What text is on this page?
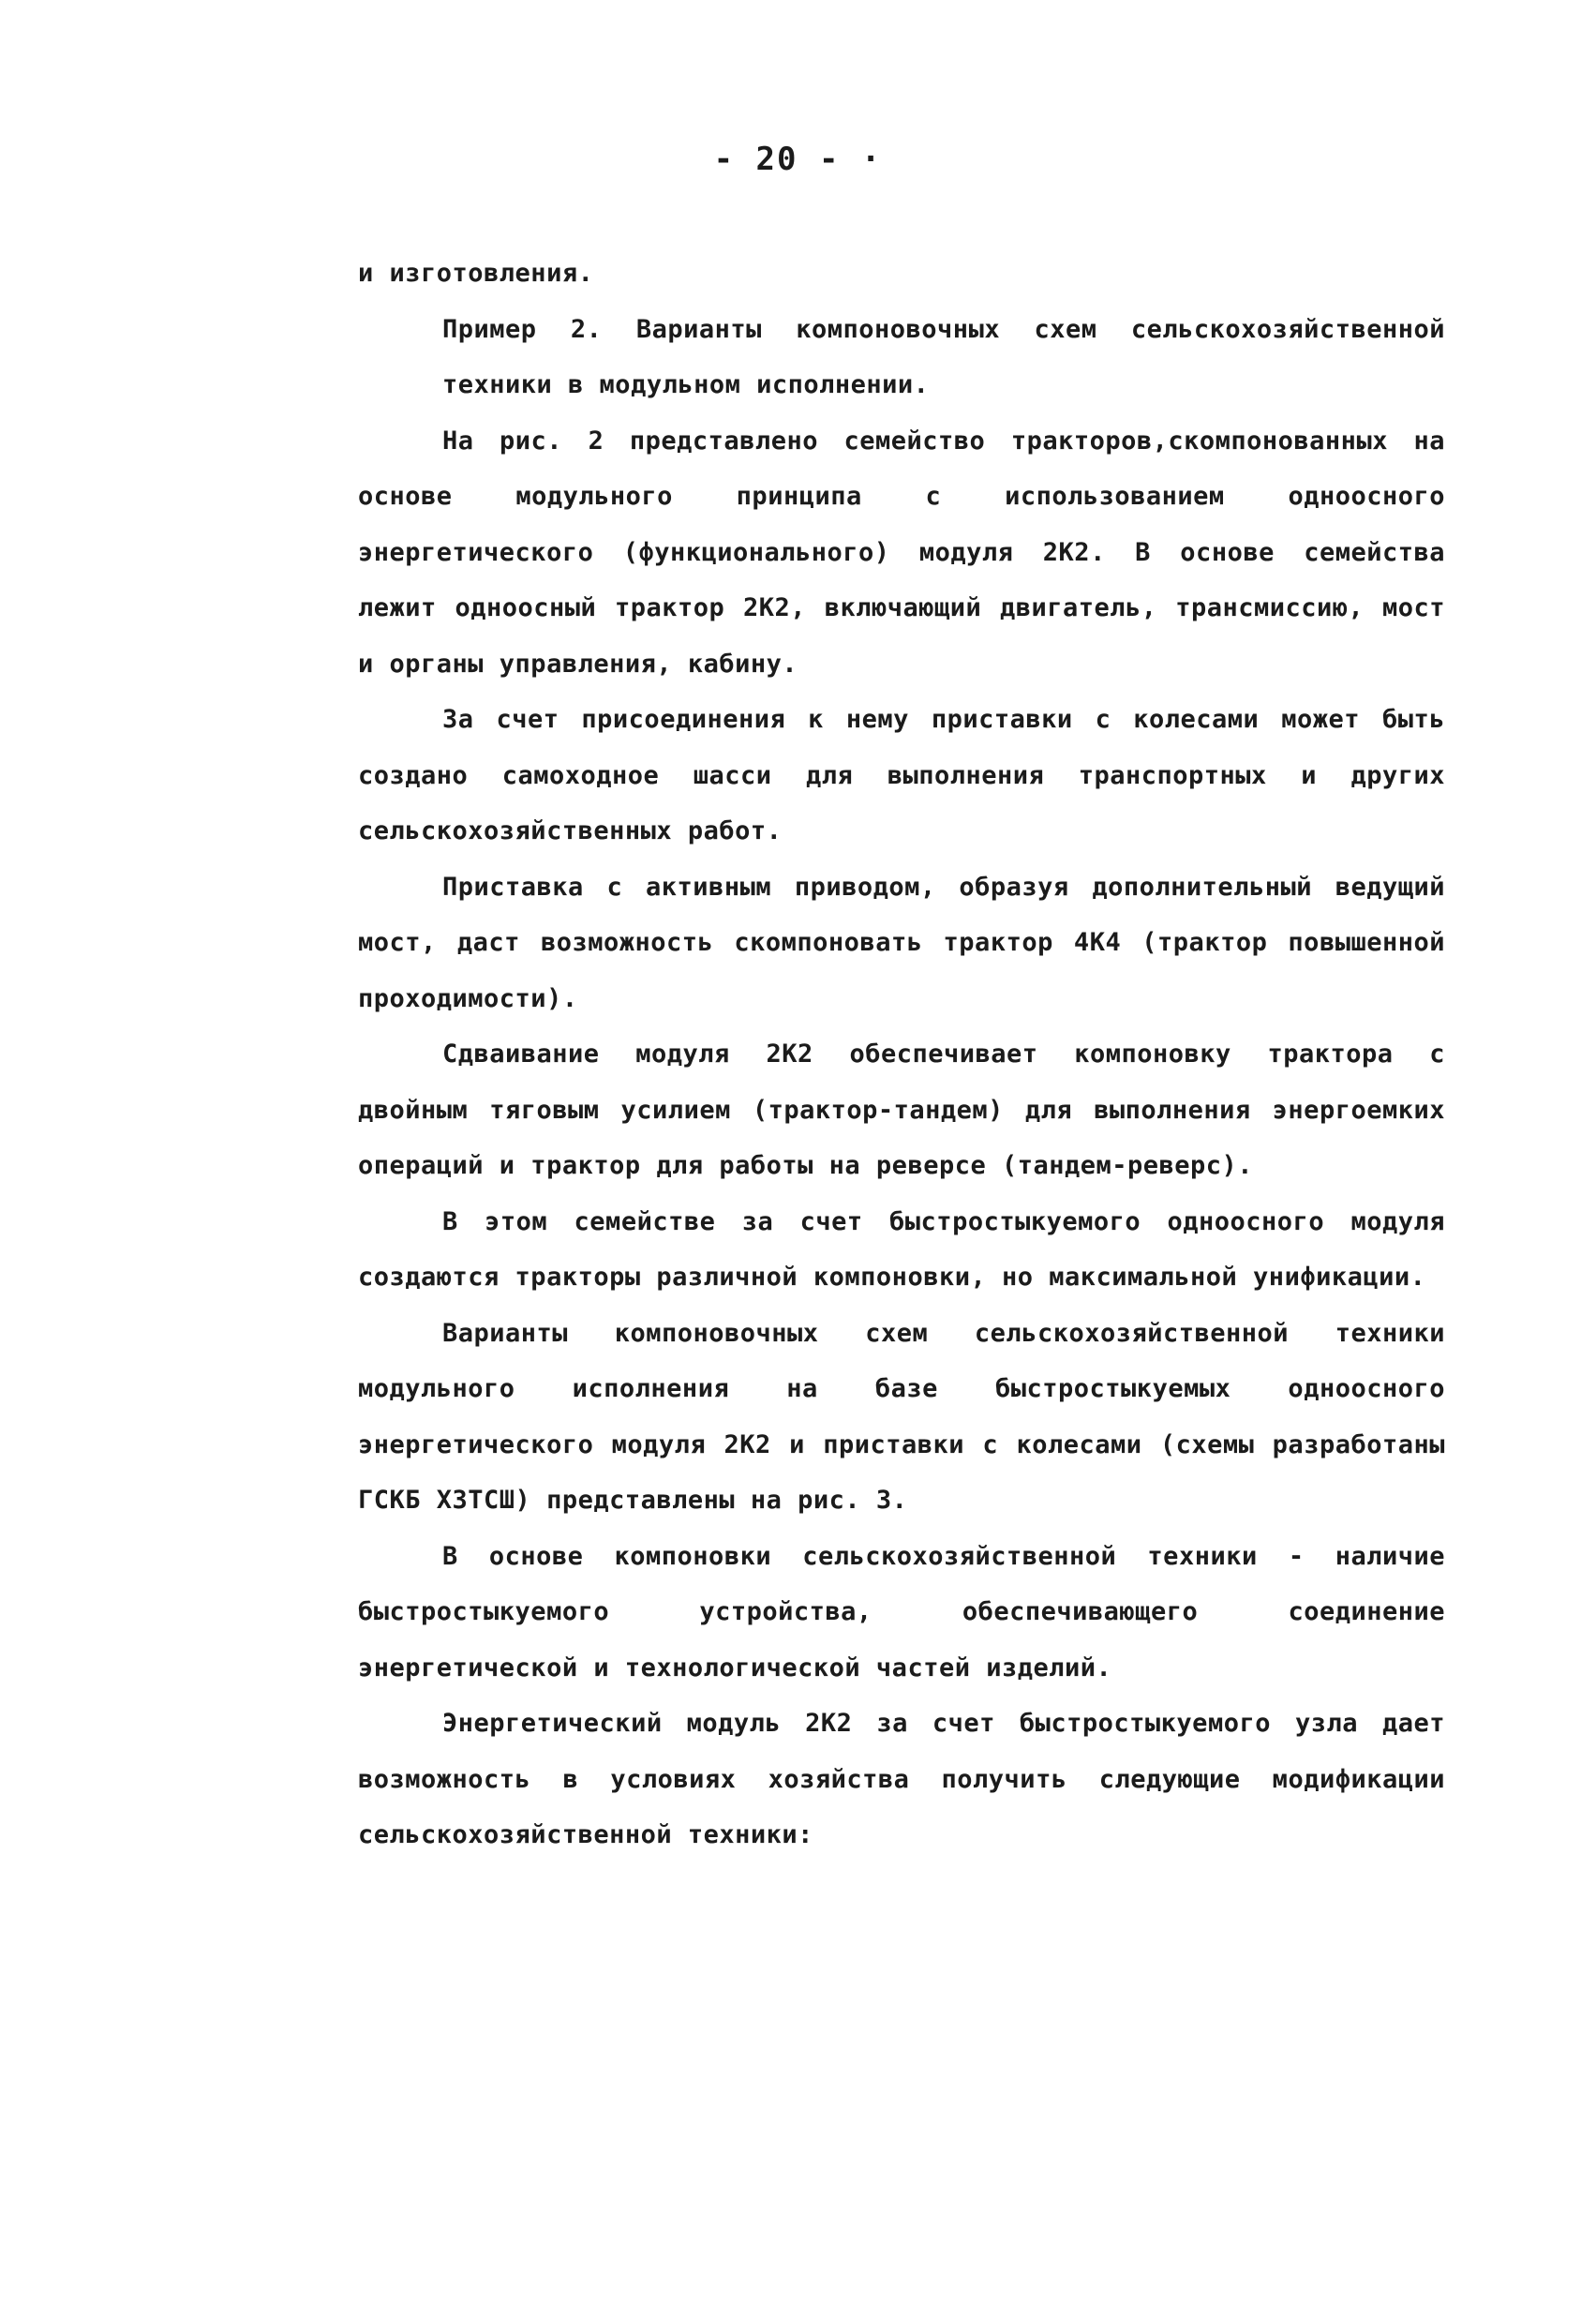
- 20 - ·

и изготовления.

Пример 2. Варианты компоновочных схем сельскохозяйственной техники в модульном исполнении.

На рис. 2 представлено семейство тракторов,скомпонованных на основе модульного принципа с использованием одноосного энергетического (функционального) модуля 2К2. В основе семейства лежит одноосный трактор 2К2, включающий двигатель, трансмиссию, мост и органы управления, кабину.

За счет присоединения к нему приставки с колесами может быть создано самоходное шасси для выполнения транспортных и других сельскохозяйственных работ.

Приставка с активным приводом, образуя дополнительный ведущий мост, даст возможность скомпоновать трактор 4К4 (трактор повышенной проходимости).

Сдваивание модуля 2К2 обеспечивает компоновку трактора с двойным тяговым усилием (трактор-тандем) для выполнения энергоемких операций и трактор для работы на реверсе (тандем-реверс).

В этом семействе за счет быстростыкуемого одноосного модуля создаются тракторы различной компоновки, но максимальной унификации.

Варианты компоновочных схем сельскохозяйственной техники модульного исполнения на базе быстростыкуемых одноосного энергетического модуля 2К2 и приставки с колесами (схемы разработаны ГСКБ ХЗТСШ) представлены на рис. 3.

В основе компоновки сельскохозяйственной техники - наличие быстростыкуемого устройства, обеспечивающего соединение энергетической и технологической частей изделий.

Энергетический модуль 2К2 за счет быстростыкуемого узла дает возможность в условиях хозяйства получить следующие модификации сельскохозяйственной техники:
